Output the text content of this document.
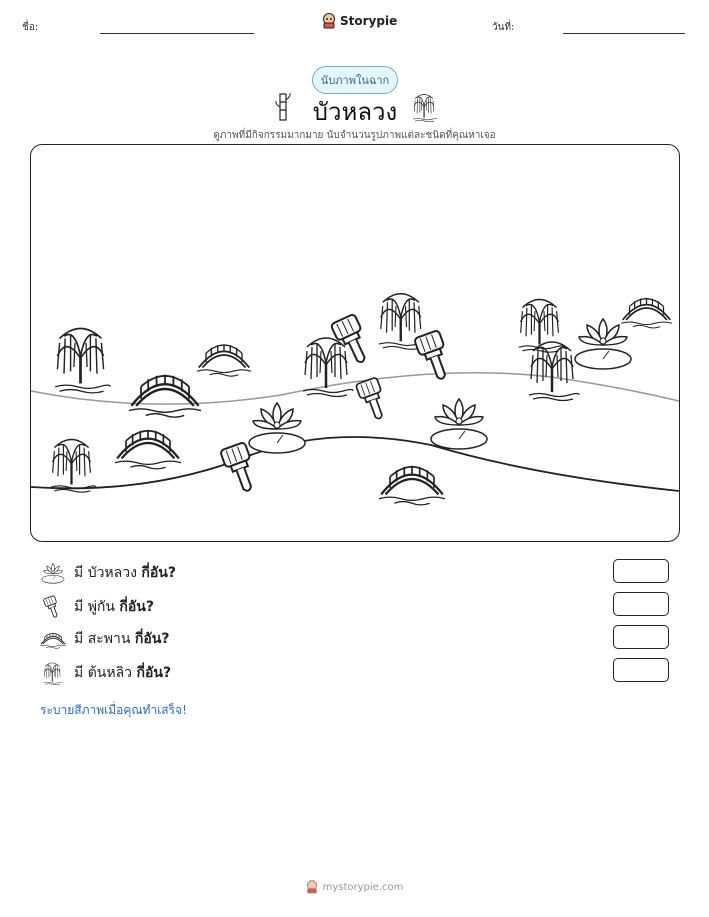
ชื่อ:	Storypie	วันที่:
นับภาพในฉาก
บัวหลวง
ดูภาพที่มีกิจกรรมมากมาย นับจำนวนรูปภาพแต่ละชนิดที่คุณหาเจอ
มี บัวหลวง กี่อัน?
มี พู่กัน กี่อัน?
มี สะพาน กี่อัน?
มี ต้นหลิว กี่อัน?
ระบายสีภาพเมื่อคุณทำเสร็จ!
mystorypie.com
